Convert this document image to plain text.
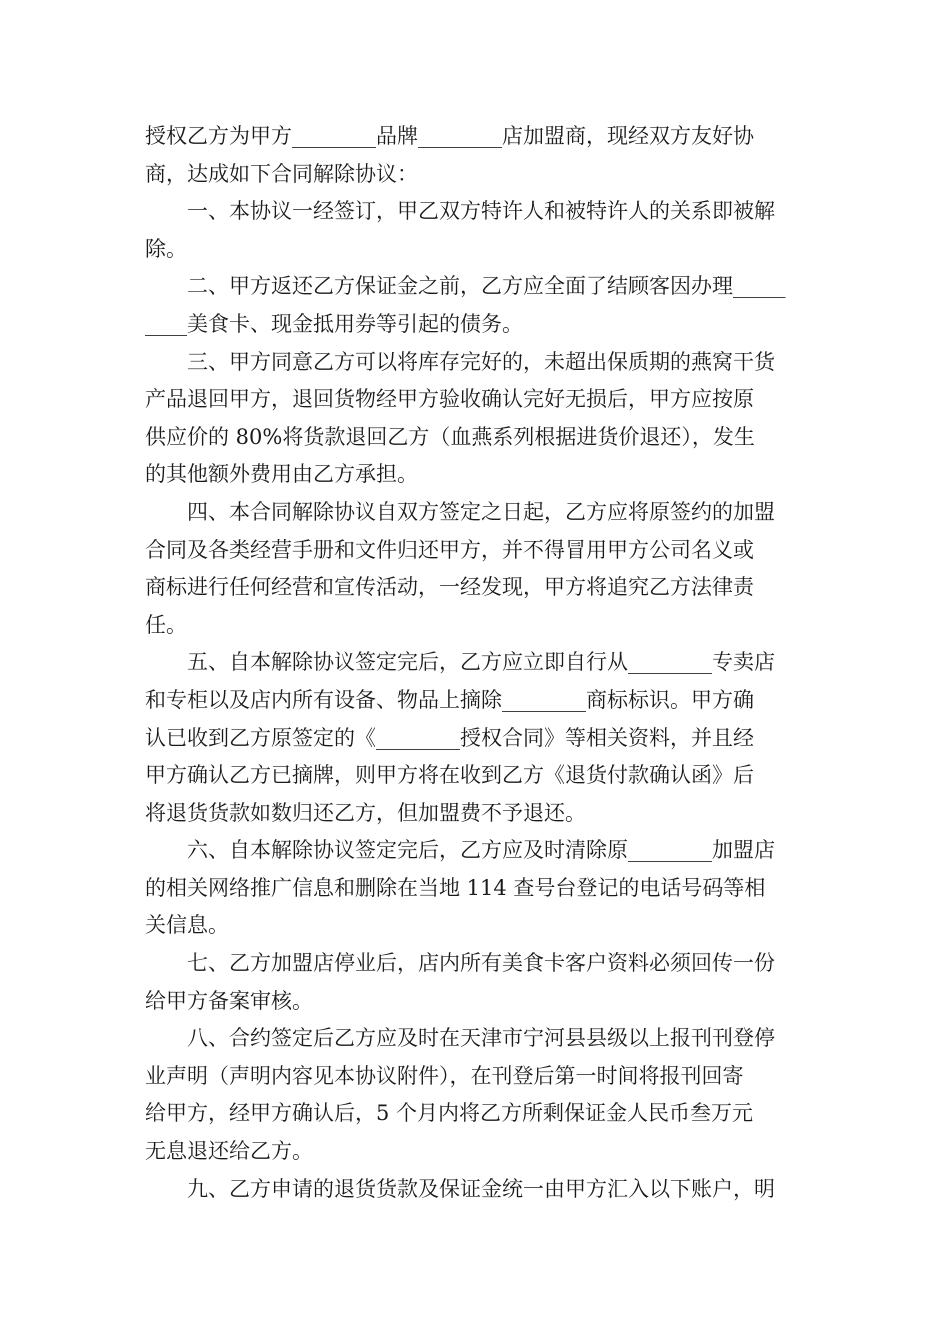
授权乙方为甲方________品牌________店加盟商，现经双方友好协
商，达成如下合同解除协议：
一、本协议一经签订，甲乙双方特许人和被特许人的关系即被解
除。
二、甲方返还乙方保证金之前，乙方应全面了结顾客因办理_____
____美食卡、现金抵用券等引起的债务。
三、甲方同意乙方可以将库存完好的，未超出保质期的燕窝干货
产品退回甲方，退回货物经甲方验收确认完好无损后，甲方应按原
供应价的 80%将货款退回乙方（血燕系列根据进货价退还），发生
的其他额外费用由乙方承担。
四、本合同解除协议自双方签定之日起，乙方应将原签约的加盟
合同及各类经营手册和文件归还甲方，并不得冒用甲方公司名义或
商标进行任何经营和宣传活动，一经发现，甲方将追究乙方法律责
任。
五、自本解除协议签定完后，乙方应立即自行从________专卖店
和专柜以及店内所有设备、物品上摘除________商标标识。甲方确
认已收到乙方原签定的《________授权合同》等相关资料，并且经
甲方确认乙方已摘牌，则甲方将在收到乙方《退货付款确认函》后
将退货货款如数归还乙方，但加盟费不予退还。
六、自本解除协议签定完后，乙方应及时清除原________加盟店
的相关网络推广信息和删除在当地 114 查号台登记的电话号码等相
关信息。
七、乙方加盟店停业后，店内所有美食卡客户资料必须回传一份
给甲方备案审核。
八、合约签定后乙方应及时在天津市宁河县县级以上报刊刊登停
业声明（声明内容见本协议附件），在刊登后第一时间将报刊回寄
给甲方，经甲方确认后，5 个月内将乙方所剩保证金人民币叁万元
无息退还给乙方。
九、乙方申请的退货货款及保证金统一由甲方汇入以下账户，明
